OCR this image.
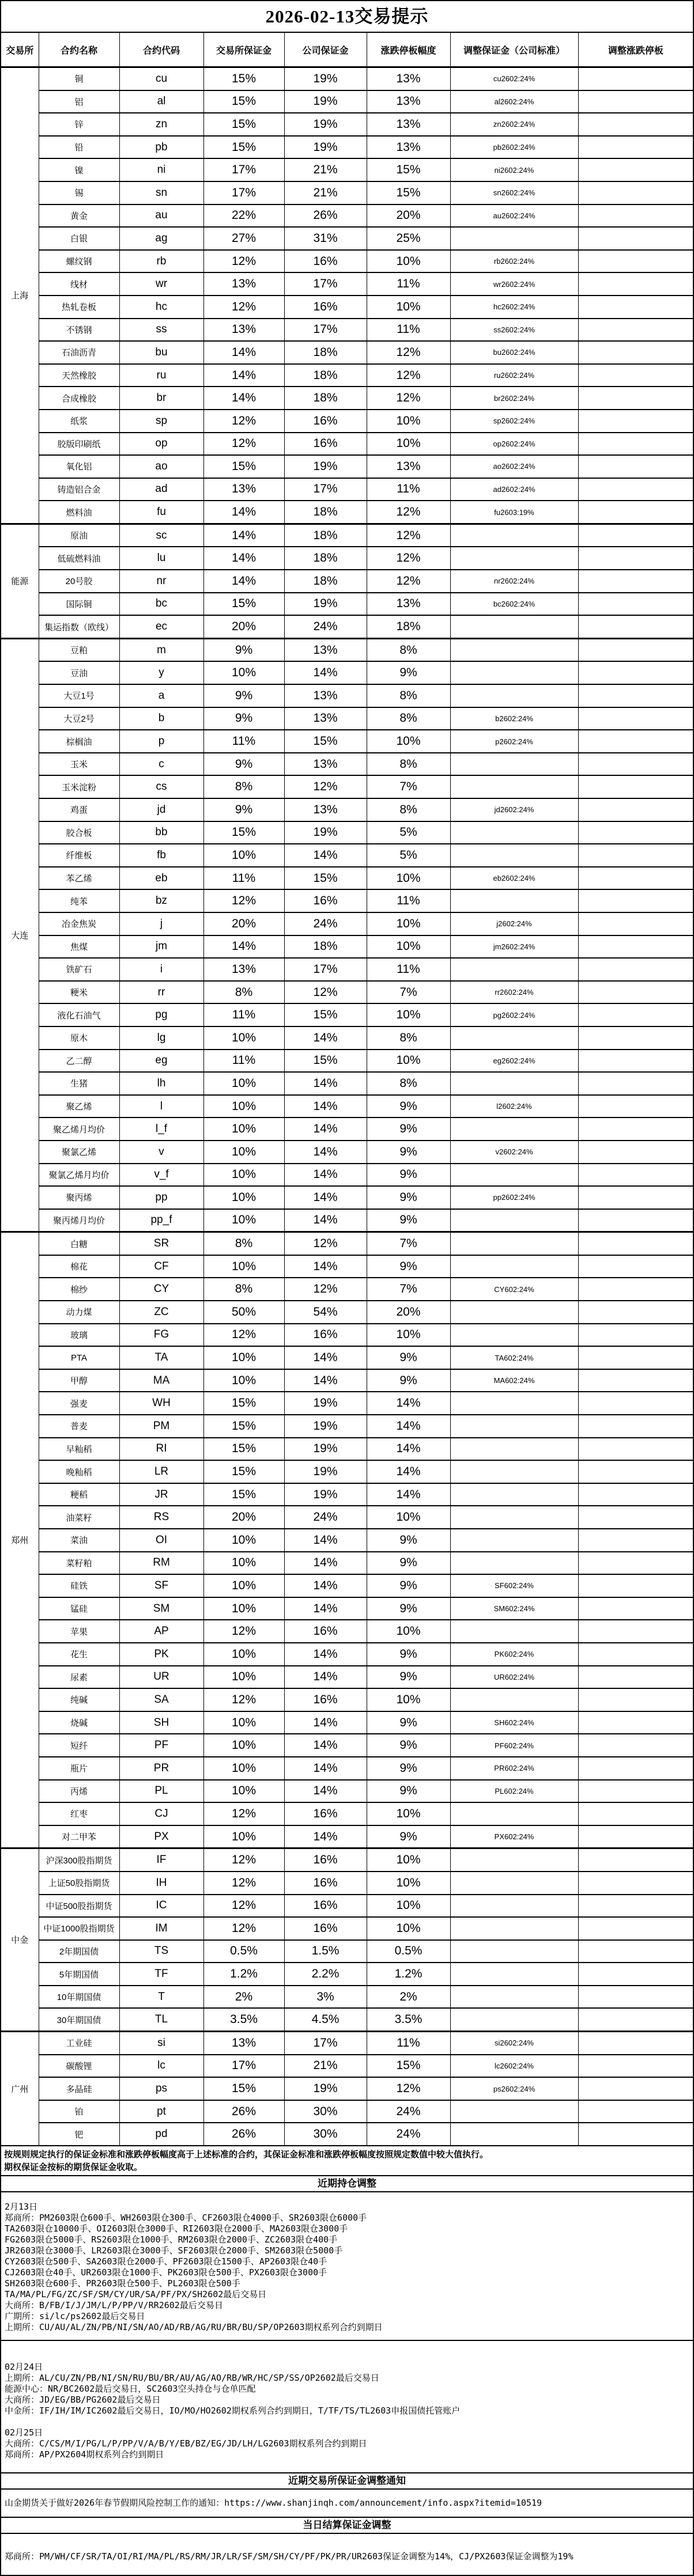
2026-02-13交易提示
交易所	合约名称	合约代码	交易所保证金	公司保证金	涨跌停板幅度	调整保证金（公司标准）	调整涨跌停板
上海	铜	cu	15%	19%	13%	cu2602:24%	
	铝	al	15%	19%	13%	al2602:24%	
	锌	zn	15%	19%	13%	zn2602:24%	
	铅	pb	15%	19%	13%	pb2602:24%	
	镍	ni	17%	21%	15%	ni2602:24%	
	锡	sn	17%	21%	15%	sn2602:24%	
	黄金	au	22%	26%	20%	au2602:24%	
	白银	ag	27%	31%	25%		
	螺纹钢	rb	12%	16%	10%	rb2602:24%	
	线材	wr	13%	17%	11%	wr2602:24%	
	热轧卷板	hc	12%	16%	10%	hc2602:24%	
	不锈钢	ss	13%	17%	11%	ss2602:24%	
	石油沥青	bu	14%	18%	12%	bu2602:24%	
	天然橡胶	ru	14%	18%	12%	ru2602:24%	
	合成橡胶	br	14%	18%	12%	br2602:24%	
	纸浆	sp	12%	16%	10%	sp2602:24%	
	胶版印刷纸	op	12%	16%	10%	op2602:24%	
	氧化铝	ao	15%	19%	13%	ao2602:24%	
	铸造铝合金	ad	13%	17%	11%	ad2602:24%	
	燃料油	fu	14%	18%	12%	fu2603:19%	
能源	原油	sc	14%	18%	12%		
	低硫燃料油	lu	14%	18%	12%		
	20号胶	nr	14%	18%	12%	nr2602:24%	
	国际铜	bc	15%	19%	13%	bc2602:24%	
	集运指数（欧线）	ec	20%	24%	18%		
大连	豆粕	m	9%	13%	8%		
	豆油	y	10%	14%	9%		
	大豆1号	a	9%	13%	8%		
	大豆2号	b	9%	13%	8%	b2602:24%	
	棕榈油	p	11%	15%	10%	p2602:24%	
	玉米	c	9%	13%	8%		
	玉米淀粉	cs	8%	12%	7%		
	鸡蛋	jd	9%	13%	8%	jd2602:24%	
	胶合板	bb	15%	19%	5%		
	纤维板	fb	10%	14%	5%		
	苯乙烯	eb	11%	15%	10%	eb2602:24%	
	纯苯	bz	12%	16%	11%		
	冶金焦炭	j	20%	24%	10%	j2602:24%	
	焦煤	jm	14%	18%	10%	jm2602:24%	
	铁矿石	i	13%	17%	11%		
	粳米	rr	8%	12%	7%	rr2602:24%	
	液化石油气	pg	11%	15%	10%	pg2602:24%	
	原木	lg	10%	14%	8%		
	乙二醇	eg	11%	15%	10%	eg2602:24%	
	生猪	lh	10%	14%	8%		
	聚乙烯	l	10%	14%	9%	l2602:24%	
	聚乙烯月均价	l_f	10%	14%	9%		
	聚氯乙烯	v	10%	14%	9%	v2602:24%	
	聚氯乙烯月均价	v_f	10%	14%	9%		
	聚丙烯	pp	10%	14%	9%	pp2602:24%	
	聚丙烯月均价	pp_f	10%	14%	9%		
郑州	白糖	SR	8%	12%	7%		
	棉花	CF	10%	14%	9%		
	棉纱	CY	8%	12%	7%	CY602:24%	
	动力煤	ZC	50%	54%	20%		
	玻璃	FG	12%	16%	10%		
	PTA	TA	10%	14%	9%	TA602:24%	
	甲醇	MA	10%	14%	9%	MA602:24%	
	强麦	WH	15%	19%	14%		
	普麦	PM	15%	19%	14%		
	早籼稻	RI	15%	19%	14%		
	晚籼稻	LR	15%	19%	14%		
	粳稻	JR	15%	19%	14%		
	油菜籽	RS	20%	24%	10%		
	菜油	OI	10%	14%	9%		
	菜籽粕	RM	10%	14%	9%		
	硅铁	SF	10%	14%	9%	SF602:24%	
	锰硅	SM	10%	14%	9%	SM602:24%	
	苹果	AP	12%	16%	10%		
	花生	PK	10%	14%	9%	PK602:24%	
	尿素	UR	10%	14%	9%	UR602:24%	
	纯碱	SA	12%	16%	10%		
	烧碱	SH	10%	14%	9%	SH602:24%	
	短纤	PF	10%	14%	9%	PF602:24%	
	瓶片	PR	10%	14%	9%	PR602:24%	
	丙烯	PL	10%	14%	9%	PL602:24%	
	红枣	CJ	12%	16%	10%		
	对二甲苯	PX	10%	14%	9%	PX602:24%	
中金	沪深300股指期货	IF	12%	16%	10%		
	上证50股指期货	IH	12%	16%	10%		
	中证500股指期货	IC	12%	16%	10%		
	中证1000股指期货	IM	12%	16%	10%		
	2年期国债	TS	0.5%	1.5%	0.5%		
	5年期国债	TF	1.2%	2.2%	1.2%		
	10年期国债	T	2%	3%	2%		
	30年期国债	TL	3.5%	4.5%	3.5%		
广州	工业硅	si	13%	17%	11%	si2602:24%	
	碳酸锂	lc	17%	21%	15%	lc2602:24%	
	多晶硅	ps	15%	19%	12%	ps2602:24%	
	铂	pt	26%	30%	24%		
	钯	pd	26%	30%	24%		
按规则规定执行的保证金标准和涨跌停板幅度高于上述标准的合约，其保证金标准和涨跌停板幅度按照规定数值中较大值执行。
期权保证金按标的期货保证金收取。
近期持仓调整
2月13日
郑商所：PM2603限仓600手、WH2603限仓300手、CF2603限仓4000手、SR2603限仓6000手
TA2603限仓10000手、OI2603限仓3000手、RI2603限仓2000手、MA2603限仓3000手
FG2603限仓5000手、RS2603限仓1000手、RM2603限仓2000手、ZC2603限仓400手
JR2603限仓3000手、LR2603限仓3000手、SF2603限仓2000手、SM2603限仓5000手
CY2603限仓500手、SA2603限仓2000手、PF2603限仓1500手、AP2603限仓40手
CJ2603限仓40手、UR2603限仓1000手、PK2603限仓500手、PX2603限仓3000手
SH2603限仓600手、PR2603限仓500手、PL2603限仓500手
TA/MA/PL/FG/ZC/SF/SM/CY/UR/SA/PF/PX/SH2602最后交易日
大商所：B/FB/I/J/JM/L/P/PP/V/RR2602最后交易日
广期所：si/lc/ps2602最后交易日
上期所：CU/AU/AL/ZN/PB/NI/SN/AO/AD/RB/AG/RU/BR/BU/SP/OP2603期权系列合约到期日
02月24日
上期所：AL/CU/ZN/PB/NI/SN/RU/BU/BR/AU/AG/AO/RB/WR/HC/SP/SS/OP2602最后交易日
能源中心：NR/BC2602最后交易日，SC2603空头持仓与仓单匹配
大商所：JD/EG/BB/PG2602最后交易日
中金所：IF/IH/IM/IC2602最后交易日，IO/MO/HO2602期权系列合约到期日，T/TF/TS/TL2603申报国债托管账户

02月25日
大商所：C/CS/M/I/PG/L/P/PP/V/A/B/Y/EB/BZ/EG/JD/LH/LG2603期权系列合约到期日
郑商所：AP/PX2604期权系列合约到期日
近期交易所保证金调整通知
山金期货关于做好2026年春节假期风险控制工作的通知：https://www.shanjinqh.com/announcement/info.aspx?itemid=10519
当日结算保证金调整
郑商所：PM/WH/CF/SR/TA/OI/RI/MA/PL/RS/RM/JR/LR/SF/SM/SH/CY/PF/PK/PR/UR2603保证金调整为14%，CJ/PX2603保证金调整为19%
